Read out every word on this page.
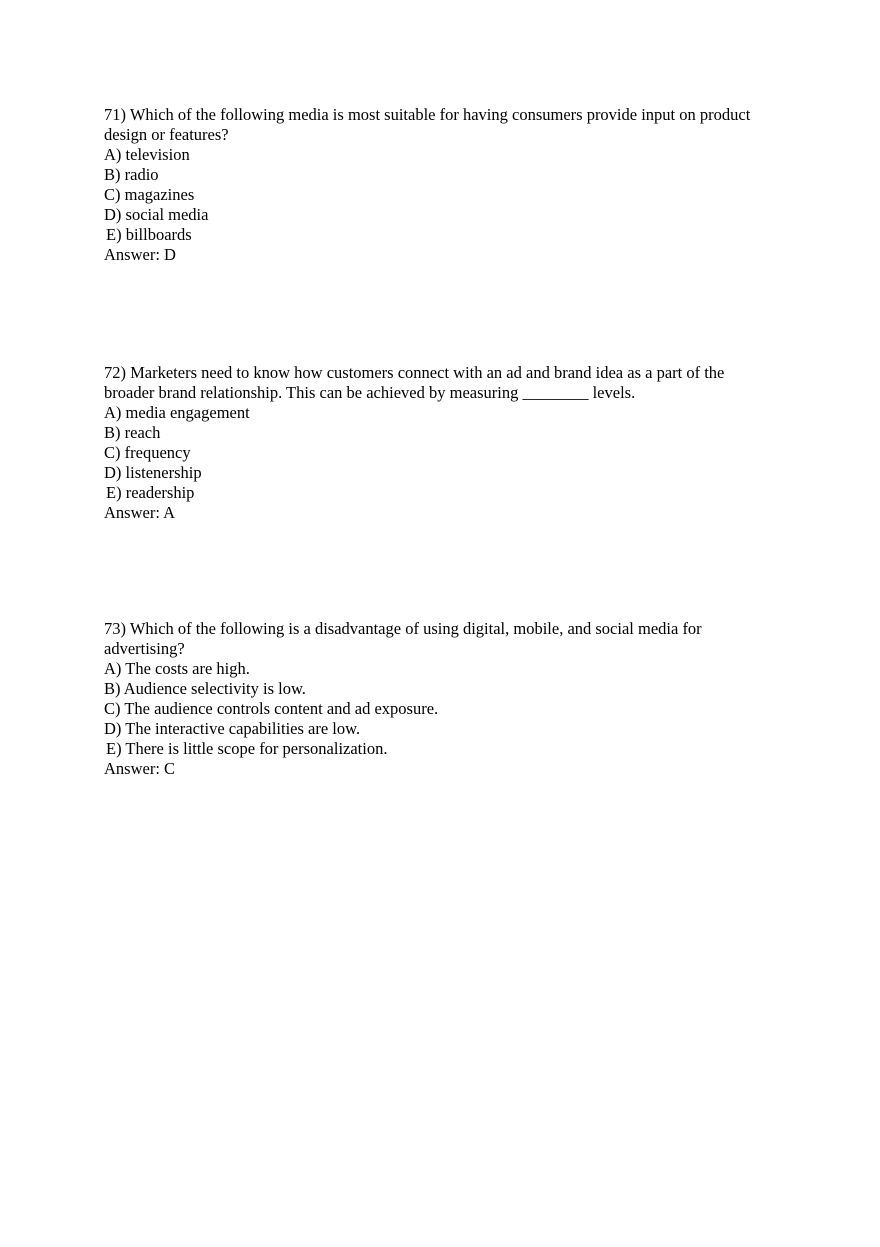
71) Which of the following media is most suitable for having consumers provide input on product design or features?
A) television
B) radio
C) magazines
D) social media
E) billboards
Answer: D
72) Marketers need to know how customers connect with an ad and brand idea as a part of the broader brand relationship. This can be achieved by measuring ________ levels.
A) media engagement
B) reach
C) frequency
D) listenership
E) readership
Answer: A
73) Which of the following is a disadvantage of using digital, mobile, and social media for advertising?
A) The costs are high.
B) Audience selectivity is low.
C) The audience controls content and ad exposure.
D) The interactive capabilities are low.
E) There is little scope for personalization.
Answer: C
